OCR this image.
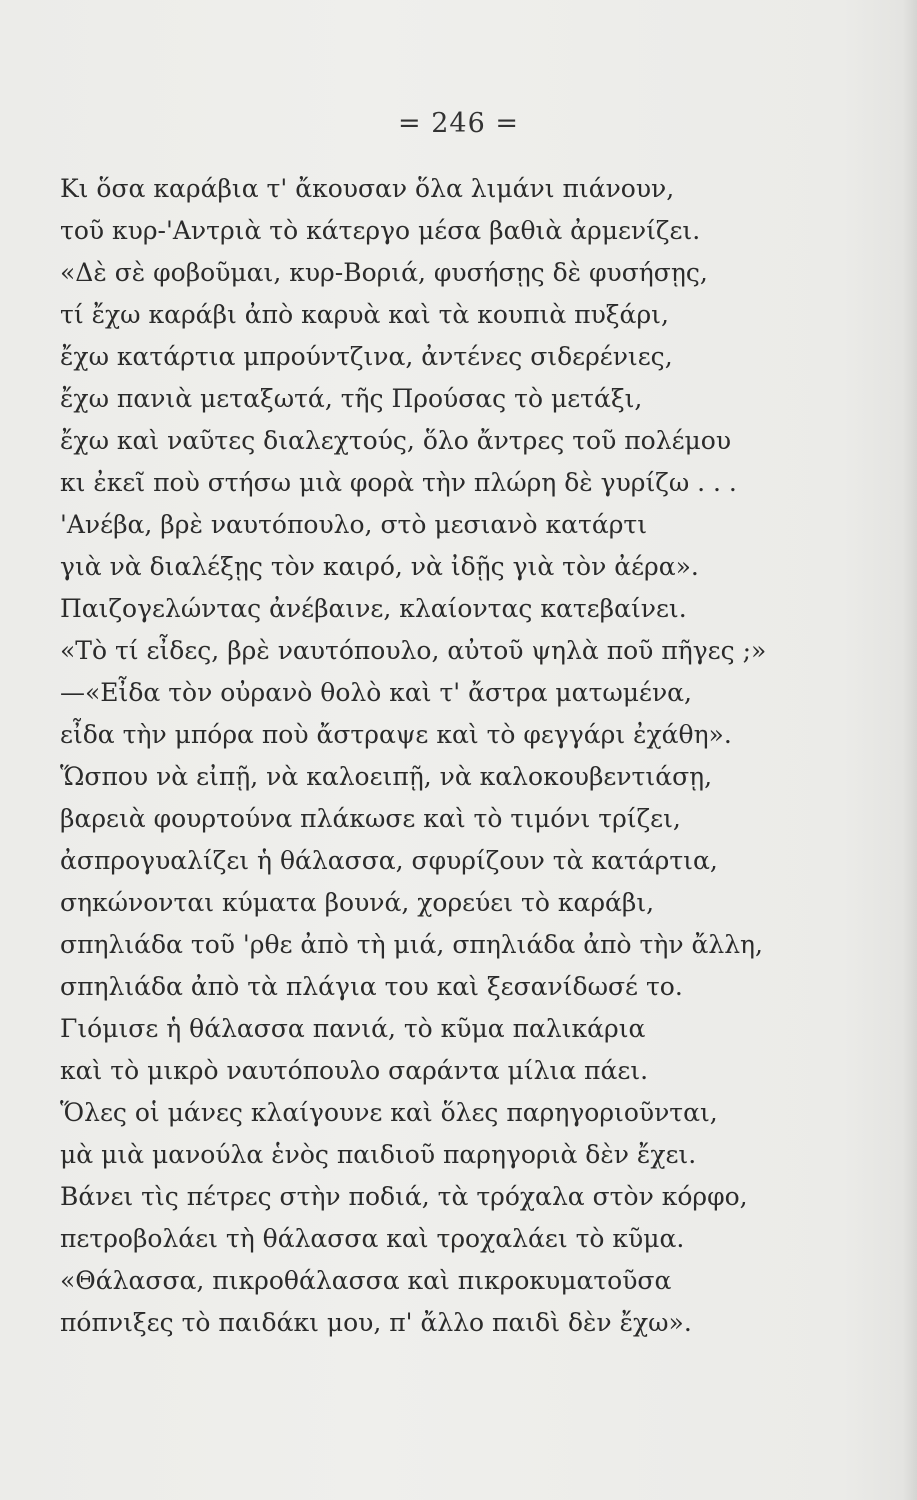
= 246 =
Κι ὅσα καράβια τ' ἄκουσαν ὅλα λιμάνι πιάνουν,
τοῦ κυρ-'Αντριὰ τὸ κάτεργο μέσα βαθιὰ ἀρμενίζει.
«Δὲ σὲ φοβοῦμαι, κυρ-Βοριά, φυσήσῃς δὲ φυσήσῃς,
τί ἔχω καράβι ἀπὸ καρυὰ καὶ τὰ κουπιὰ πυξάρι,
ἔχω κατάρτια μπρούντζινα, ἀντένες σιδερένιες,
ἔχω πανιὰ μεταξωτά, τῆς Προύσας τὸ μετάξι,
ἔχω καὶ ναῦτες διαλεχτούς, ὅλο ἄντρες τοῦ πολέμου
κι ἐκεῖ ποὺ στήσω μιὰ φορὰ τὴν πλώρη δὲ γυρίζω . . .
'Ανέβα, βρὲ ναυτόπουλο, στὸ μεσιανὸ κατάρτι
γιὰ νὰ διαλέξῃς τὸν καιρό, νὰ ἰδῇς γιὰ τὸν ἀέρα».
Παιζογελώντας ἀνέβαινε, κλαίοντας κατεβαίνει.
«Τὸ τί εἶδες, βρὲ ναυτόπουλο, αὐτοῦ ψηλὰ ποῦ πῆγες ;»
—«Εἶδα τὸν οὐρανὸ θολὸ καὶ τ' ἄστρα ματωμένα,
εἶδα τὴν μπόρα ποὺ ἄστραψε καὶ τὸ φεγγάρι ἐχάθη».
Ὥσπου νὰ εἰπῇ, νὰ καλοειπῇ, νὰ καλοκουβεντιάσῃ,
βαρειὰ φουρτούνα πλάκωσε καὶ τὸ τιμόνι τρίζει,
ἀσπρογυαλίζει ἡ θάλασσα, σφυρίζουν τὰ κατάρτια,
σηκώνονται κύματα βουνά, χορεύει τὸ καράβι,
σπηλιάδα τοῦ 'ρθε ἀπὸ τὴ μιά, σπηλιάδα ἀπὸ τὴν ἄλλη,
σπηλιάδα ἀπὸ τὰ πλάγια του καὶ ξεσανίδωσέ το.
Γιόμισε ἡ θάλασσα πανιά, τὸ κῦμα παλικάρια
καὶ τὸ μικρὸ ναυτόπουλο σαράντα μίλια πάει.
Ὅλες οἱ μάνες κλαίγουνε καὶ ὅλες παρηγοριοῦνται,
μὰ μιὰ μανούλα ἑνὸς παιδιοῦ παρηγοριὰ δὲν ἔχει.
Βάνει τὶς πέτρες στὴν ποδιά, τὰ τρόχαλα στὸν κόρφο,
πετροβολάει τὴ θάλασσα καὶ τροχαλάει τὸ κῦμα.
«Θάλασσα, πικροθάλασσα καὶ πικροκυματοῦσα
πόπνιξες τὸ παιδάκι μου, π' ἄλλο παιδὶ δὲν ἔχω».
